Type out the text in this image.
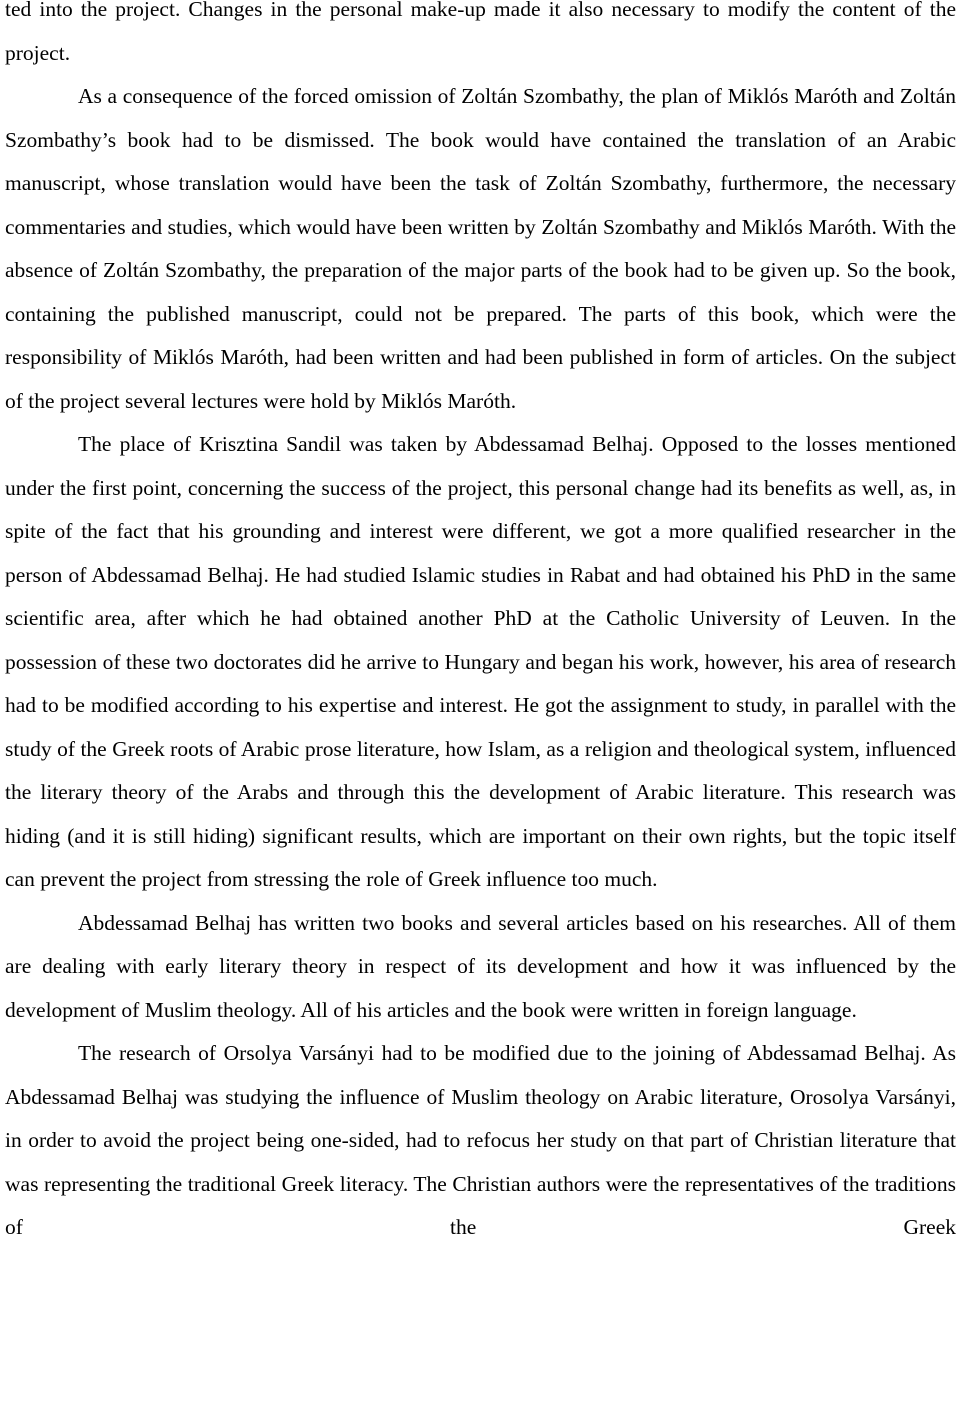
ted into the project. Changes in the personal make-up made it also necessary to modify the content of the project.

As a consequence of the forced omission of Zoltán Szombathy, the plan of Miklós Maróth and Zoltán Szombathy’s book had to be dismissed. The book would have contained the translation of an Arabic manuscript, whose translation would have been the task of Zoltán Szombathy, furthermore, the necessary commentaries and studies, which would have been written by Zoltán Szombathy and Miklós Maróth. With the absence of Zoltán Szombathy, the preparation of the major parts of the book had to be given up. So the book, containing the published manuscript, could not be prepared. The parts of this book, which were the responsibility of Miklós Maróth, had been written and had been published in form of articles. On the subject of the project several lectures were hold by Miklós Maróth.

The place of Krisztina Sandil was taken by Abdessamad Belhaj. Opposed to the losses mentioned under the first point, concerning the success of the project, this personal change had its benefits as well, as, in spite of the fact that his grounding and interest were different, we got a more qualified researcher in the person of Abdessamad Belhaj. He had studied Islamic studies in Rabat and had obtained his PhD in the same scientific area, after which he had obtained another PhD at the Catholic University of Leuven. In the possession of these two doctorates did he arrive to Hungary and began his work, however, his area of research had to be modified according to his expertise and interest. He got the assignment to study, in parallel with the study of the Greek roots of Arabic prose literature, how Islam, as a religion and theological system, influenced the literary theory of the Arabs and through this the development of Arabic literature. This research was hiding (and it is still hiding) significant results, which are important on their own rights, but the topic itself can prevent the project from stressing the role of Greek influence too much.

Abdessamad Belhaj has written two books and several articles based on his researches. All of them are dealing with early literary theory in respect of its development and how it was influenced by the development of Muslim theology. All of his articles and the book were written in foreign language.

The research of Orsolya Varsányi had to be modified due to the joining of Abdessamad Belhaj. As Abdessamad Belhaj was studying the influence of Muslim theology on Arabic literature, Orosolya Varsányi, in order to avoid the project being one-sided, had to refocus her study on that part of Christian literature that was representing the traditional Greek literacy. The Christian authors were the representatives of the traditions of the Greek
